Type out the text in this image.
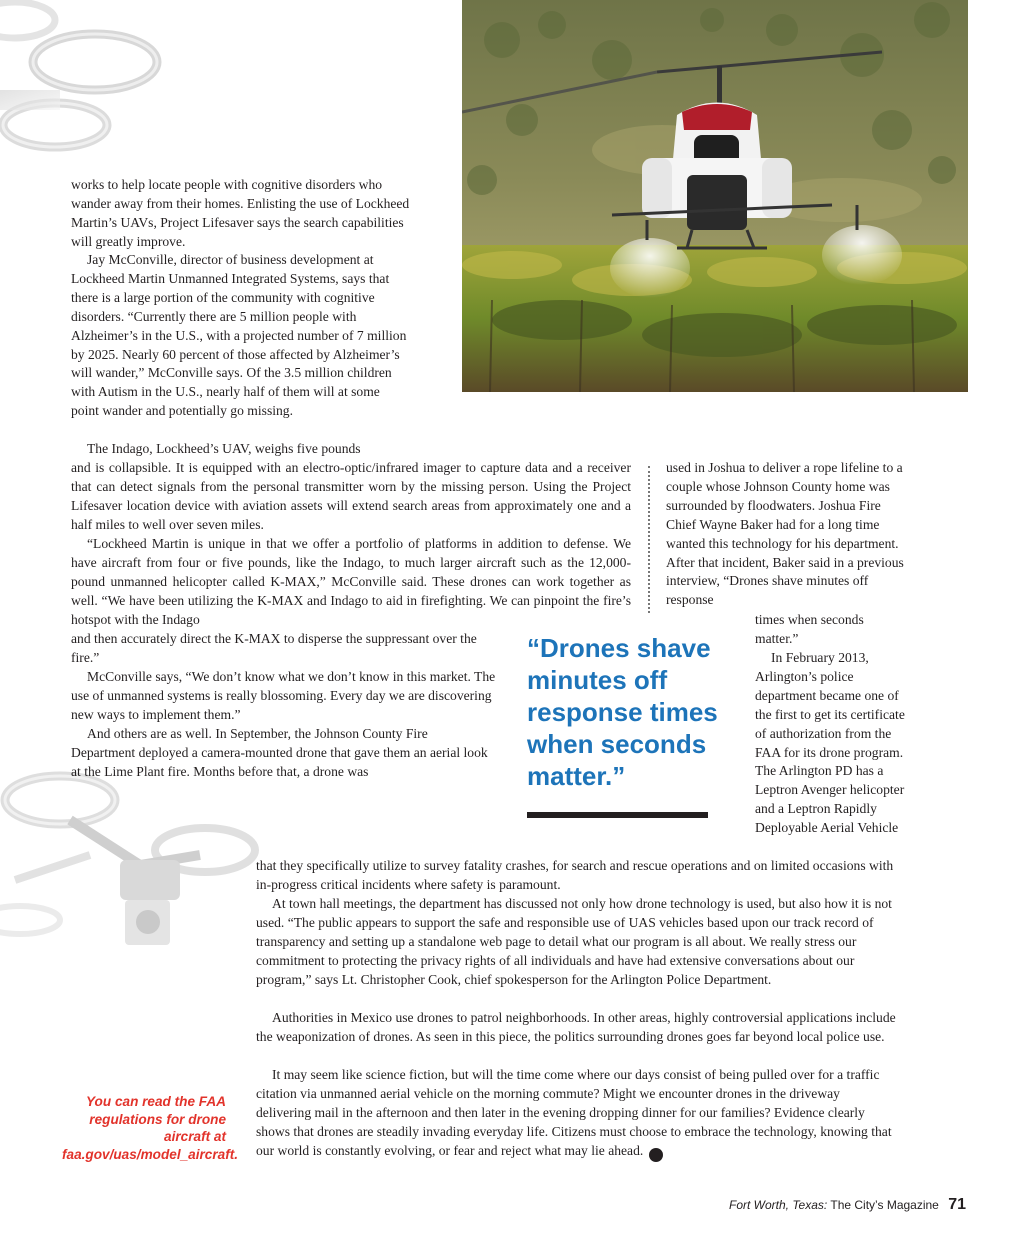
works to help locate people with cognitive disorders who wander away from their homes. Enlisting the use of Lockheed Martin’s UAVs, Project Lifesaver says the search capabilities will greatly improve.

Jay McConville, director of business development at Lockheed Martin Unmanned Integrated Systems, says that there is a large portion of the community with cognitive disorders. “Currently there are 5 million people with Alzheimer’s in the U.S., with a projected number of 7 million by 2025. Nearly 60 percent of those affected by Alzheimer’s will wander,” McConville says. Of the 3.5 million children with Autism in the U.S., nearly half of them will at some point wander and potentially go missing.

The Indago, Lockheed’s UAV, weighs five pounds

and is collapsible. It is equipped with an electro-optic/infrared imager to capture data and a receiver that can detect signals from the personal transmitter worn by the missing person. Using the Project Lifesaver location device with aviation assets will extend search areas from approximately one and a half miles to well over seven miles.

“Lockheed Martin is unique in that we offer a portfolio of platforms in addition to defense. We have aircraft from four or five pounds, like the Indago, to much larger aircraft such as the 12,000-pound unmanned helicopter called K-MAX,” McConville said. These drones can work together as well. “We have been utilizing the K-MAX and Indago to aid in firefighting. We can pinpoint the fire’s hotspot with the Indago

and then accurately direct the K-MAX to disperse the suppressant over the fire.”

McConville says, “We don’t know what we don’t know in this market. The use of unmanned systems is really blossoming. Every day we are discovering new ways to implement them.”

And others are as well. In September, the Johnson County Fire Department deployed a camera-mounted drone that gave them an aerial look at the Lime Plant fire. Months before that, a drone was

used in Joshua to deliver a rope lifeline to a couple whose Johnson County home was surrounded by floodwaters. Joshua Fire Chief Wayne Baker had for a long time wanted this technology for his department. After that incident, Baker said in a previous interview, “Drones shave minutes off response

times when seconds matter.”

In February 2013, Arlington’s police department became one of the first to get its certificate of authorization from the FAA for its drone program. The Arlington PD has a Leptron Avenger helicopter and a Leptron Rapidly Deployable Aerial Vehicle

“Drones shave minutes off response times when seconds matter.”

that they specifically utilize to survey fatality crashes, for search and rescue operations and on limited occasions with in-progress critical incidents where safety is paramount.

At town hall meetings, the department has discussed not only how drone technology is used, but also how it is not used. “The public appears to support the safe and responsible use of UAS vehicles based upon our track record of transparency and setting up a standalone web page to detail what our program is all about. We really stress our commitment to protecting the privacy rights of all individuals and have had extensive conversations about our program,” says Lt. Christopher Cook, chief spokesperson for the Arlington Police Department.

Authorities in Mexico use drones to patrol neighborhoods. In other areas, highly controversial applications include the weaponization of drones. As seen in this piece, the politics surrounding drones goes far beyond local police use.

It may seem like science fiction, but will the time come where our days consist of being pulled over for a traffic citation via unmanned aerial vehicle on the morning commute? Might we encounter drones in the driveway delivering mail in the afternoon and then later in the evening dropping dinner for our families? Evidence clearly shows that drones are steadily invading everyday life. Citizens must choose to embrace the technology, knowing that our world is constantly evolving, or fear and reject what may lie ahead.	fw

You can read the FAA regulations for drone aircraft at faa.gov/uas/model_aircraft.

Fort Worth, Texas: The City’s Magazine 71
